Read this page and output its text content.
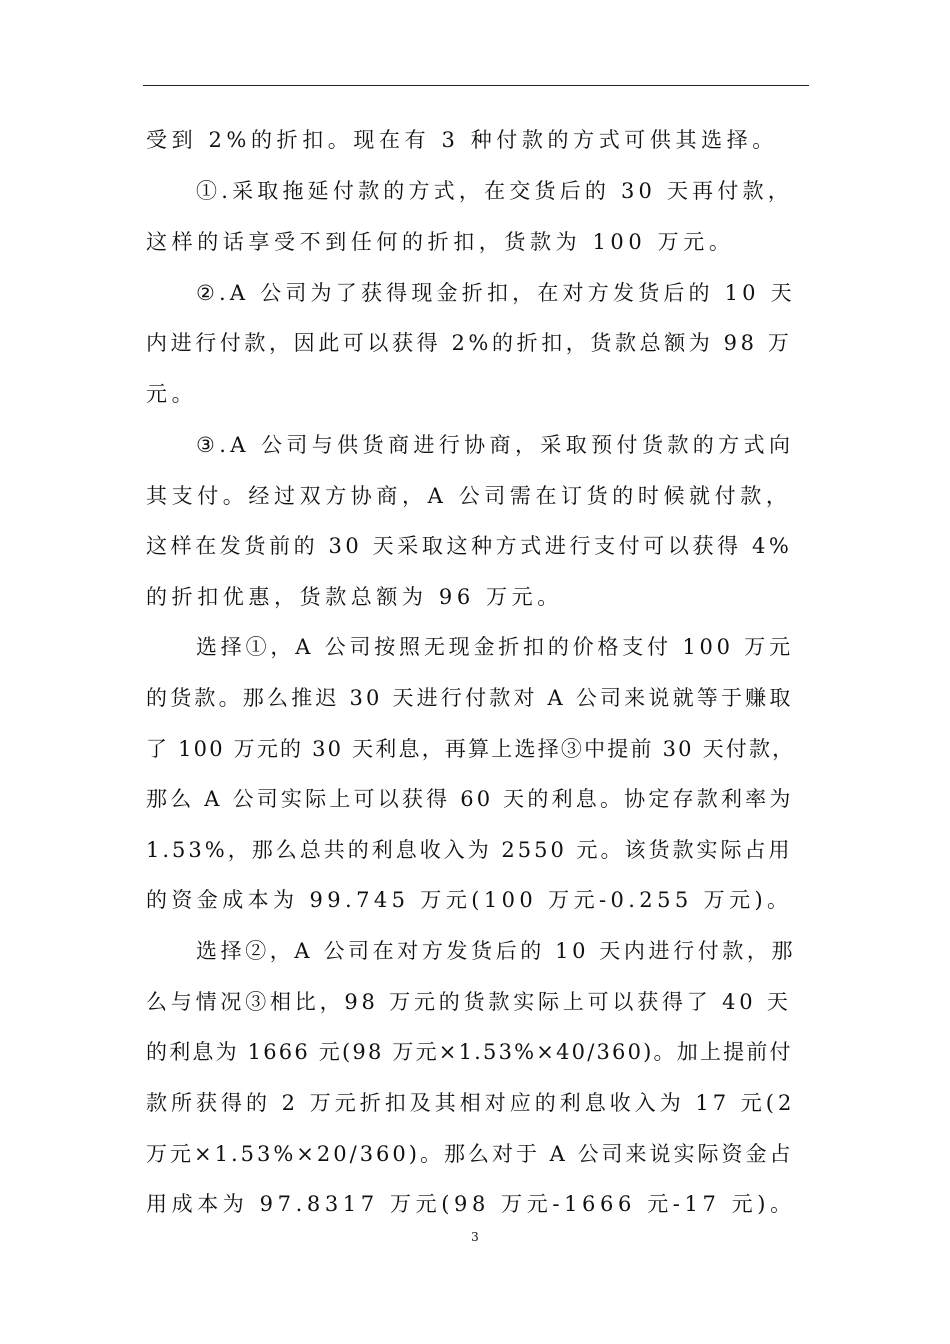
受到 2%的折扣。现在有 3 种付款的方式可供其选择。
①.采取拖延付款的方式，在交货后的 30 天再付款，
这样的话享受不到任何的折扣，货款为 100 万元。
②.A 公司为了获得现金折扣，在对方发货后的 10 天
内进行付款，因此可以获得 2%的折扣，货款总额为 98 万
元。
③.A 公司与供货商进行协商，采取预付货款的方式向
其支付。经过双方协商，A 公司需在订货的时候就付款，
这样在发货前的 30 天采取这种方式进行支付可以获得 4%
的折扣优惠，货款总额为 96 万元。
选择①，A 公司按照无现金折扣的价格支付 100 万元
的货款。那么推迟 30 天进行付款对 A 公司来说就等于赚取
了 100 万元的 30 天利息，再算上选择③中提前 30 天付款，
那么 A 公司实际上可以获得 60 天的利息。协定存款利率为
1.53%，那么总共的利息收入为 2550 元。该货款实际占用
的资金成本为 99.745 万元(100 万元-0.255 万元)。
选择②，A 公司在对方发货后的 10 天内进行付款，那
么与情况③相比，98 万元的货款实际上可以获得了 40 天
的利息为 1666 元(98 万元×1.53%×40/360)。加上提前付
款所获得的 2 万元折扣及其相对应的利息收入为 17 元(2
万元×1.53%×20/360)。那么对于 A 公司来说实际资金占
用成本为 97.8317 万元(98 万元-1666 元-17 元)。
3
